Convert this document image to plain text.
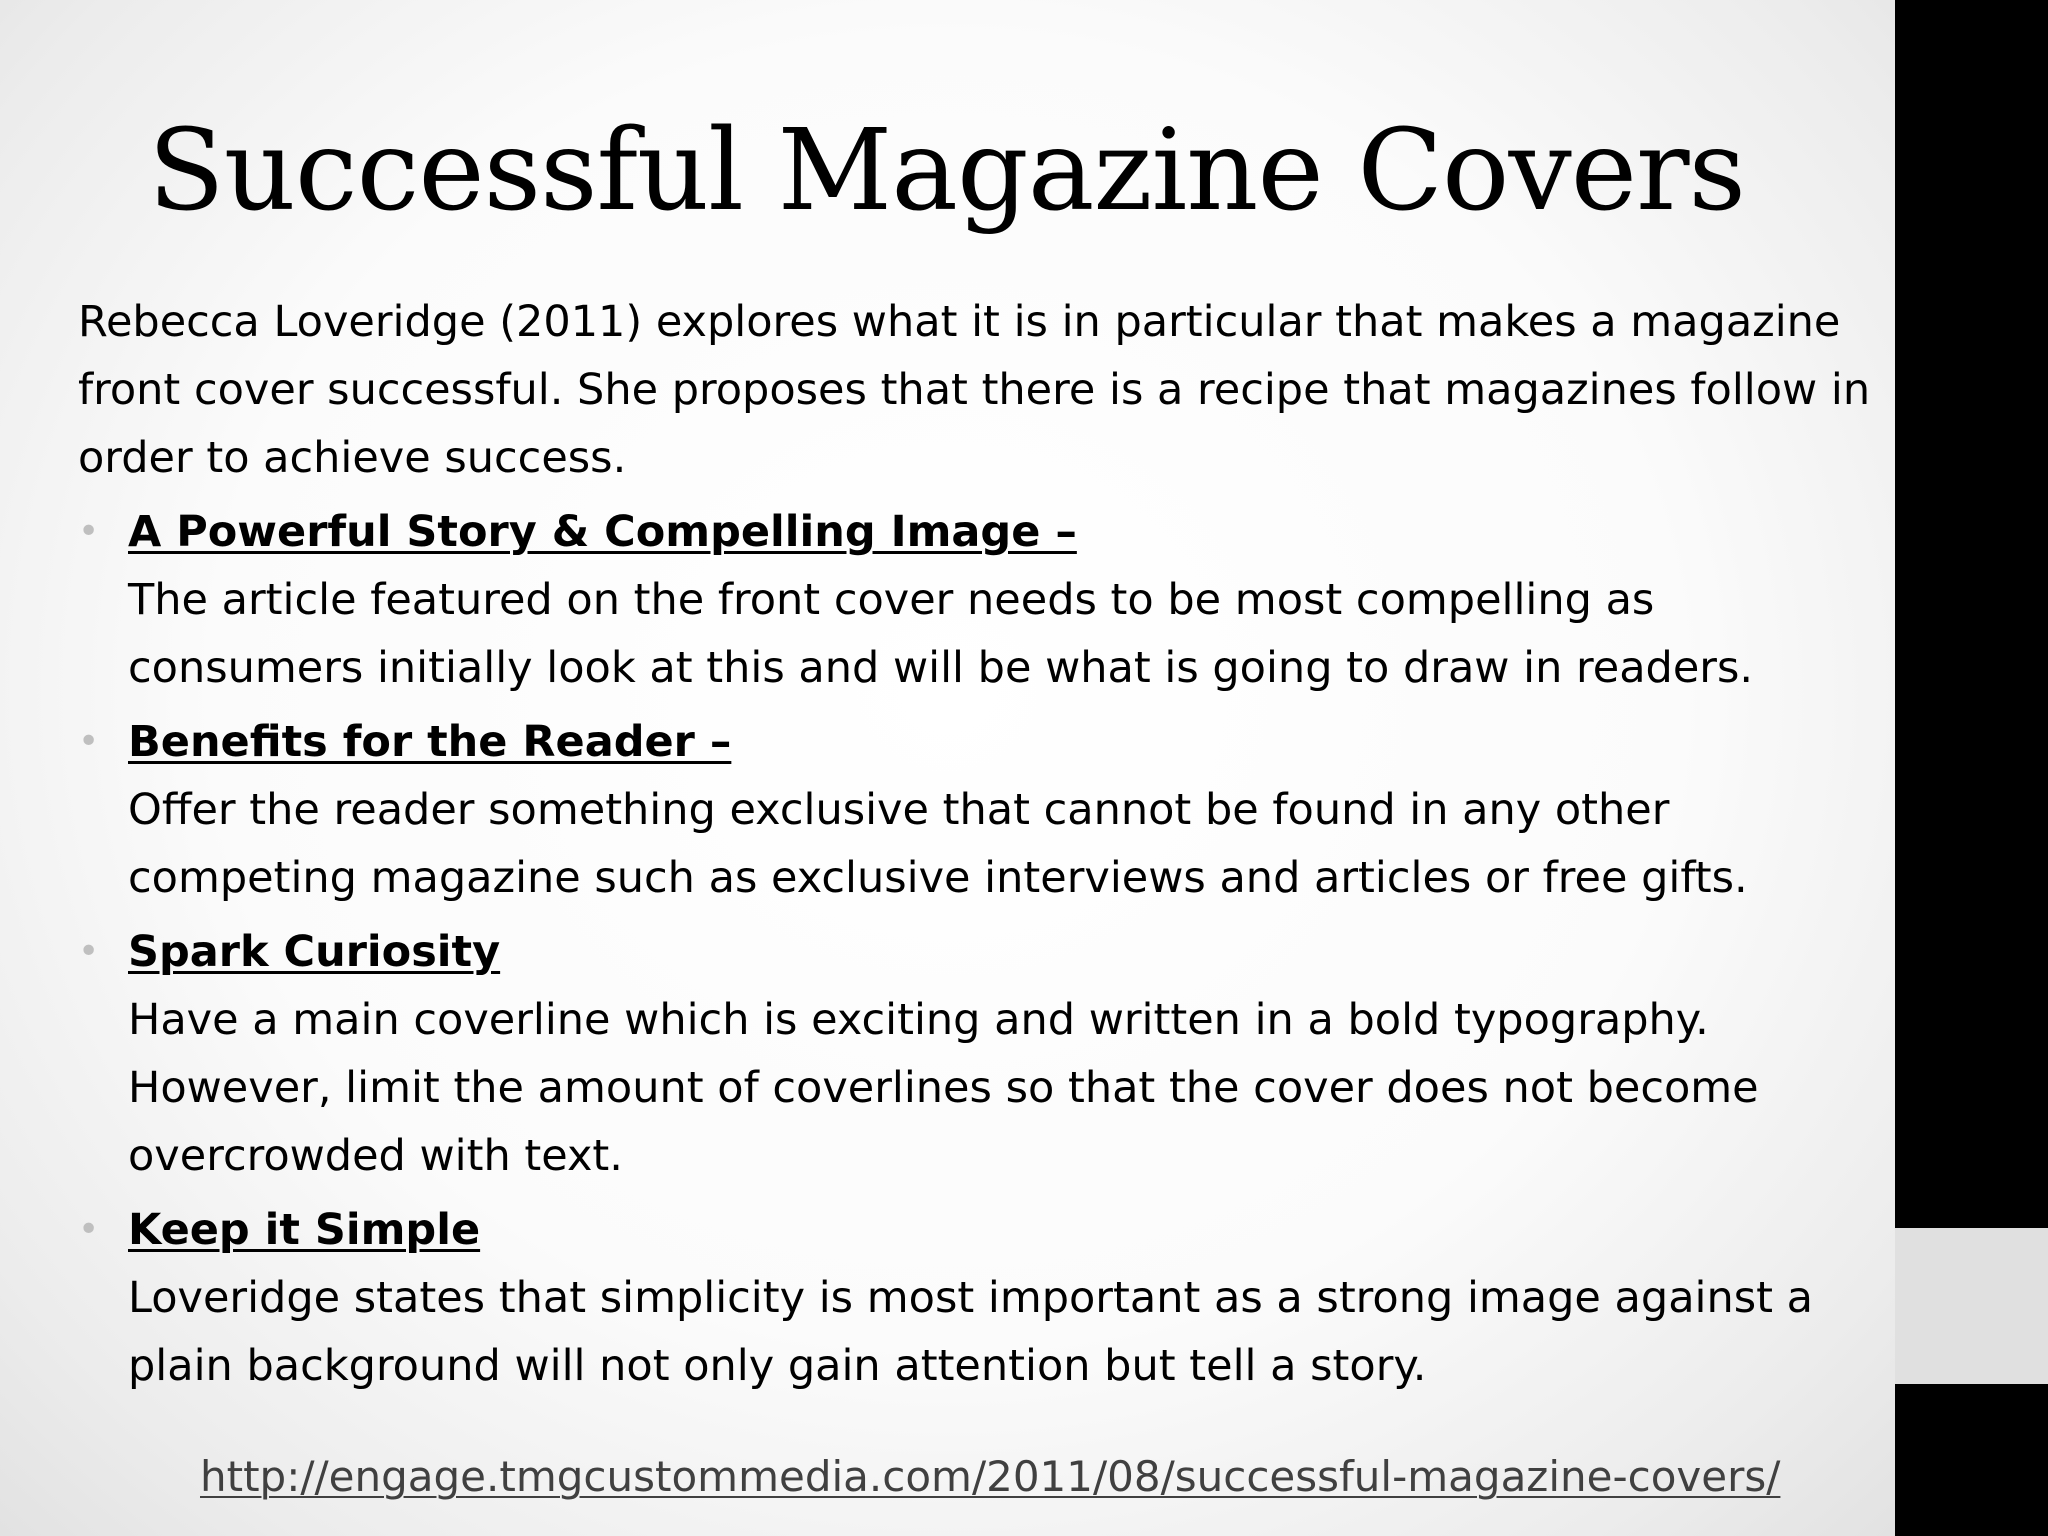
Successful Magazine Covers

Rebecca Loveridge (2011) explores what it is in particular that makes a magazine front cover successful. She proposes that there is a recipe that magazines follow in order to achieve success.

• A Powerful Story & Compelling Image –
The article featured on the front cover needs to be most compelling as consumers initially look at this and will be what is going to draw in readers.
• Benefits for the Reader –
Offer the reader something exclusive that cannot be found in any other competing magazine such as exclusive interviews and articles or free gifts.
• Spark Curiosity
Have a main coverline which is exciting and written in a bold typography. However, limit the amount of coverlines so that the cover does not become overcrowded with text.
• Keep it Simple
Loveridge states that simplicity is most important as a strong image against a plain background will not only gain attention but tell a story.
http://engage.tmgcustommedia.com/2011/08/successful-magazine-covers/
